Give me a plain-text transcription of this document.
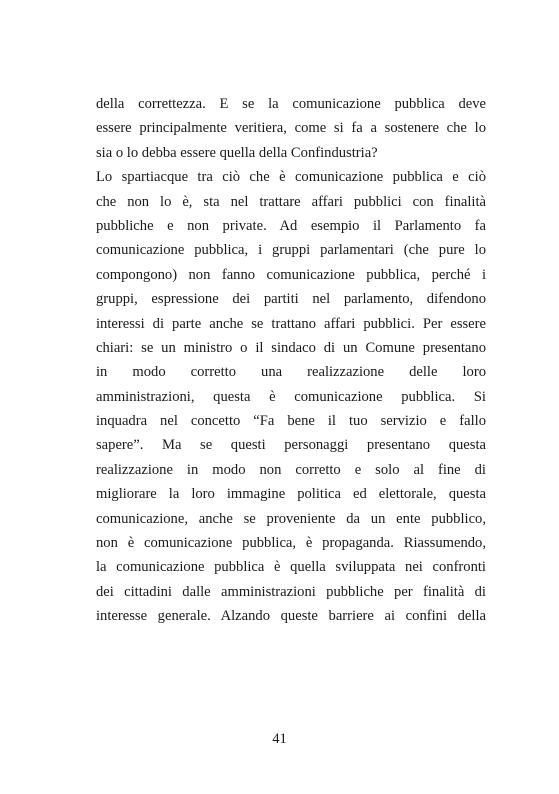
della correttezza. E se la comunicazione pubblica deve
essere principalmente veritiera, come si fa a sostenere che lo
sia o lo debba essere quella della Confindustria?
Lo spartiacque tra ciò che è comunicazione pubblica e ciò
che non lo è, sta nel trattare affari pubblici con finalità
pubbliche e non private. Ad esempio il Parlamento fa
comunicazione pubblica, i gruppi parlamentari (che pure lo
compongono) non fanno comunicazione pubblica, perché i
gruppi, espressione dei partiti nel parlamento, difendono
interessi di parte anche se trattano affari pubblici. Per essere
chiari: se un ministro o il sindaco di un Comune presentano
in modo corretto una realizzazione delle loro
amministrazioni, questa è comunicazione pubblica. Si
inquadra nel concetto “Fa bene il tuo servizio e fallo
sapere”. Ma se questi personaggi presentano questa
realizzazione in modo non corretto e solo al fine di
migliorare la loro immagine politica ed elettorale, questa
comunicazione, anche se proveniente da un ente pubblico,
non è comunicazione pubblica, è propaganda. Riassumendo,
la comunicazione pubblica è quella sviluppata nei confronti
dei cittadini dalle amministrazioni pubbliche per finalità di
interesse generale. Alzando queste barriere ai confini della
41
